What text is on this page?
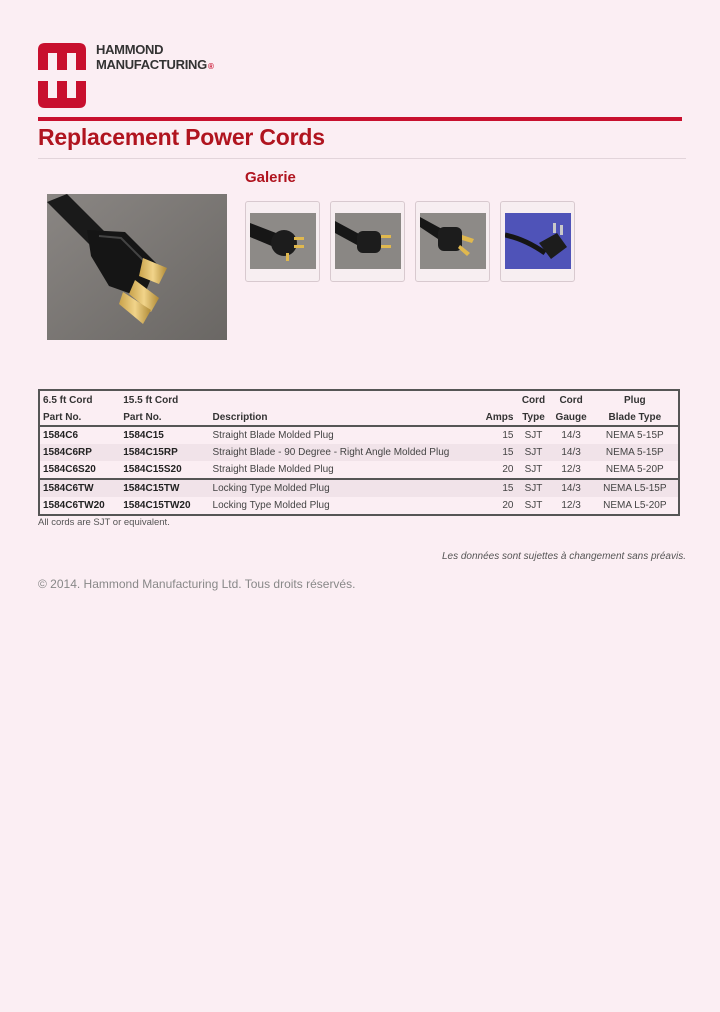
HAMMOND
MANUFACTURING®
Replacement Power Cords
Galerie
6.5 ft Cord	15.5 ft Cord			Cord	Cord	Plug
Part No.	Part No.	Description	Amps	Type	Gauge	Blade Type
1584C6	1584C15	Straight Blade Molded Plug	15	SJT	14/3	NEMA 5-15P
1584C6RP	1584C15RP	Straight Blade - 90 Degree - Right Angle Molded Plug	15	SJT	14/3	NEMA 5-15P
1584C6S20	1584C15S20	Straight Blade Molded Plug	20	SJT	12/3	NEMA 5-20P
1584C6TW	1584C15TW	Locking Type Molded Plug	15	SJT	14/3	NEMA L5-15P
1584C6TW20	1584C15TW20	Locking Type Molded Plug	20	SJT	12/3	NEMA L5-20P
All cords are SJT or equivalent.
Les données sont sujettes à changement sans préavis.
© 2014. Hammond Manufacturing Ltd. Tous droits réservés.
